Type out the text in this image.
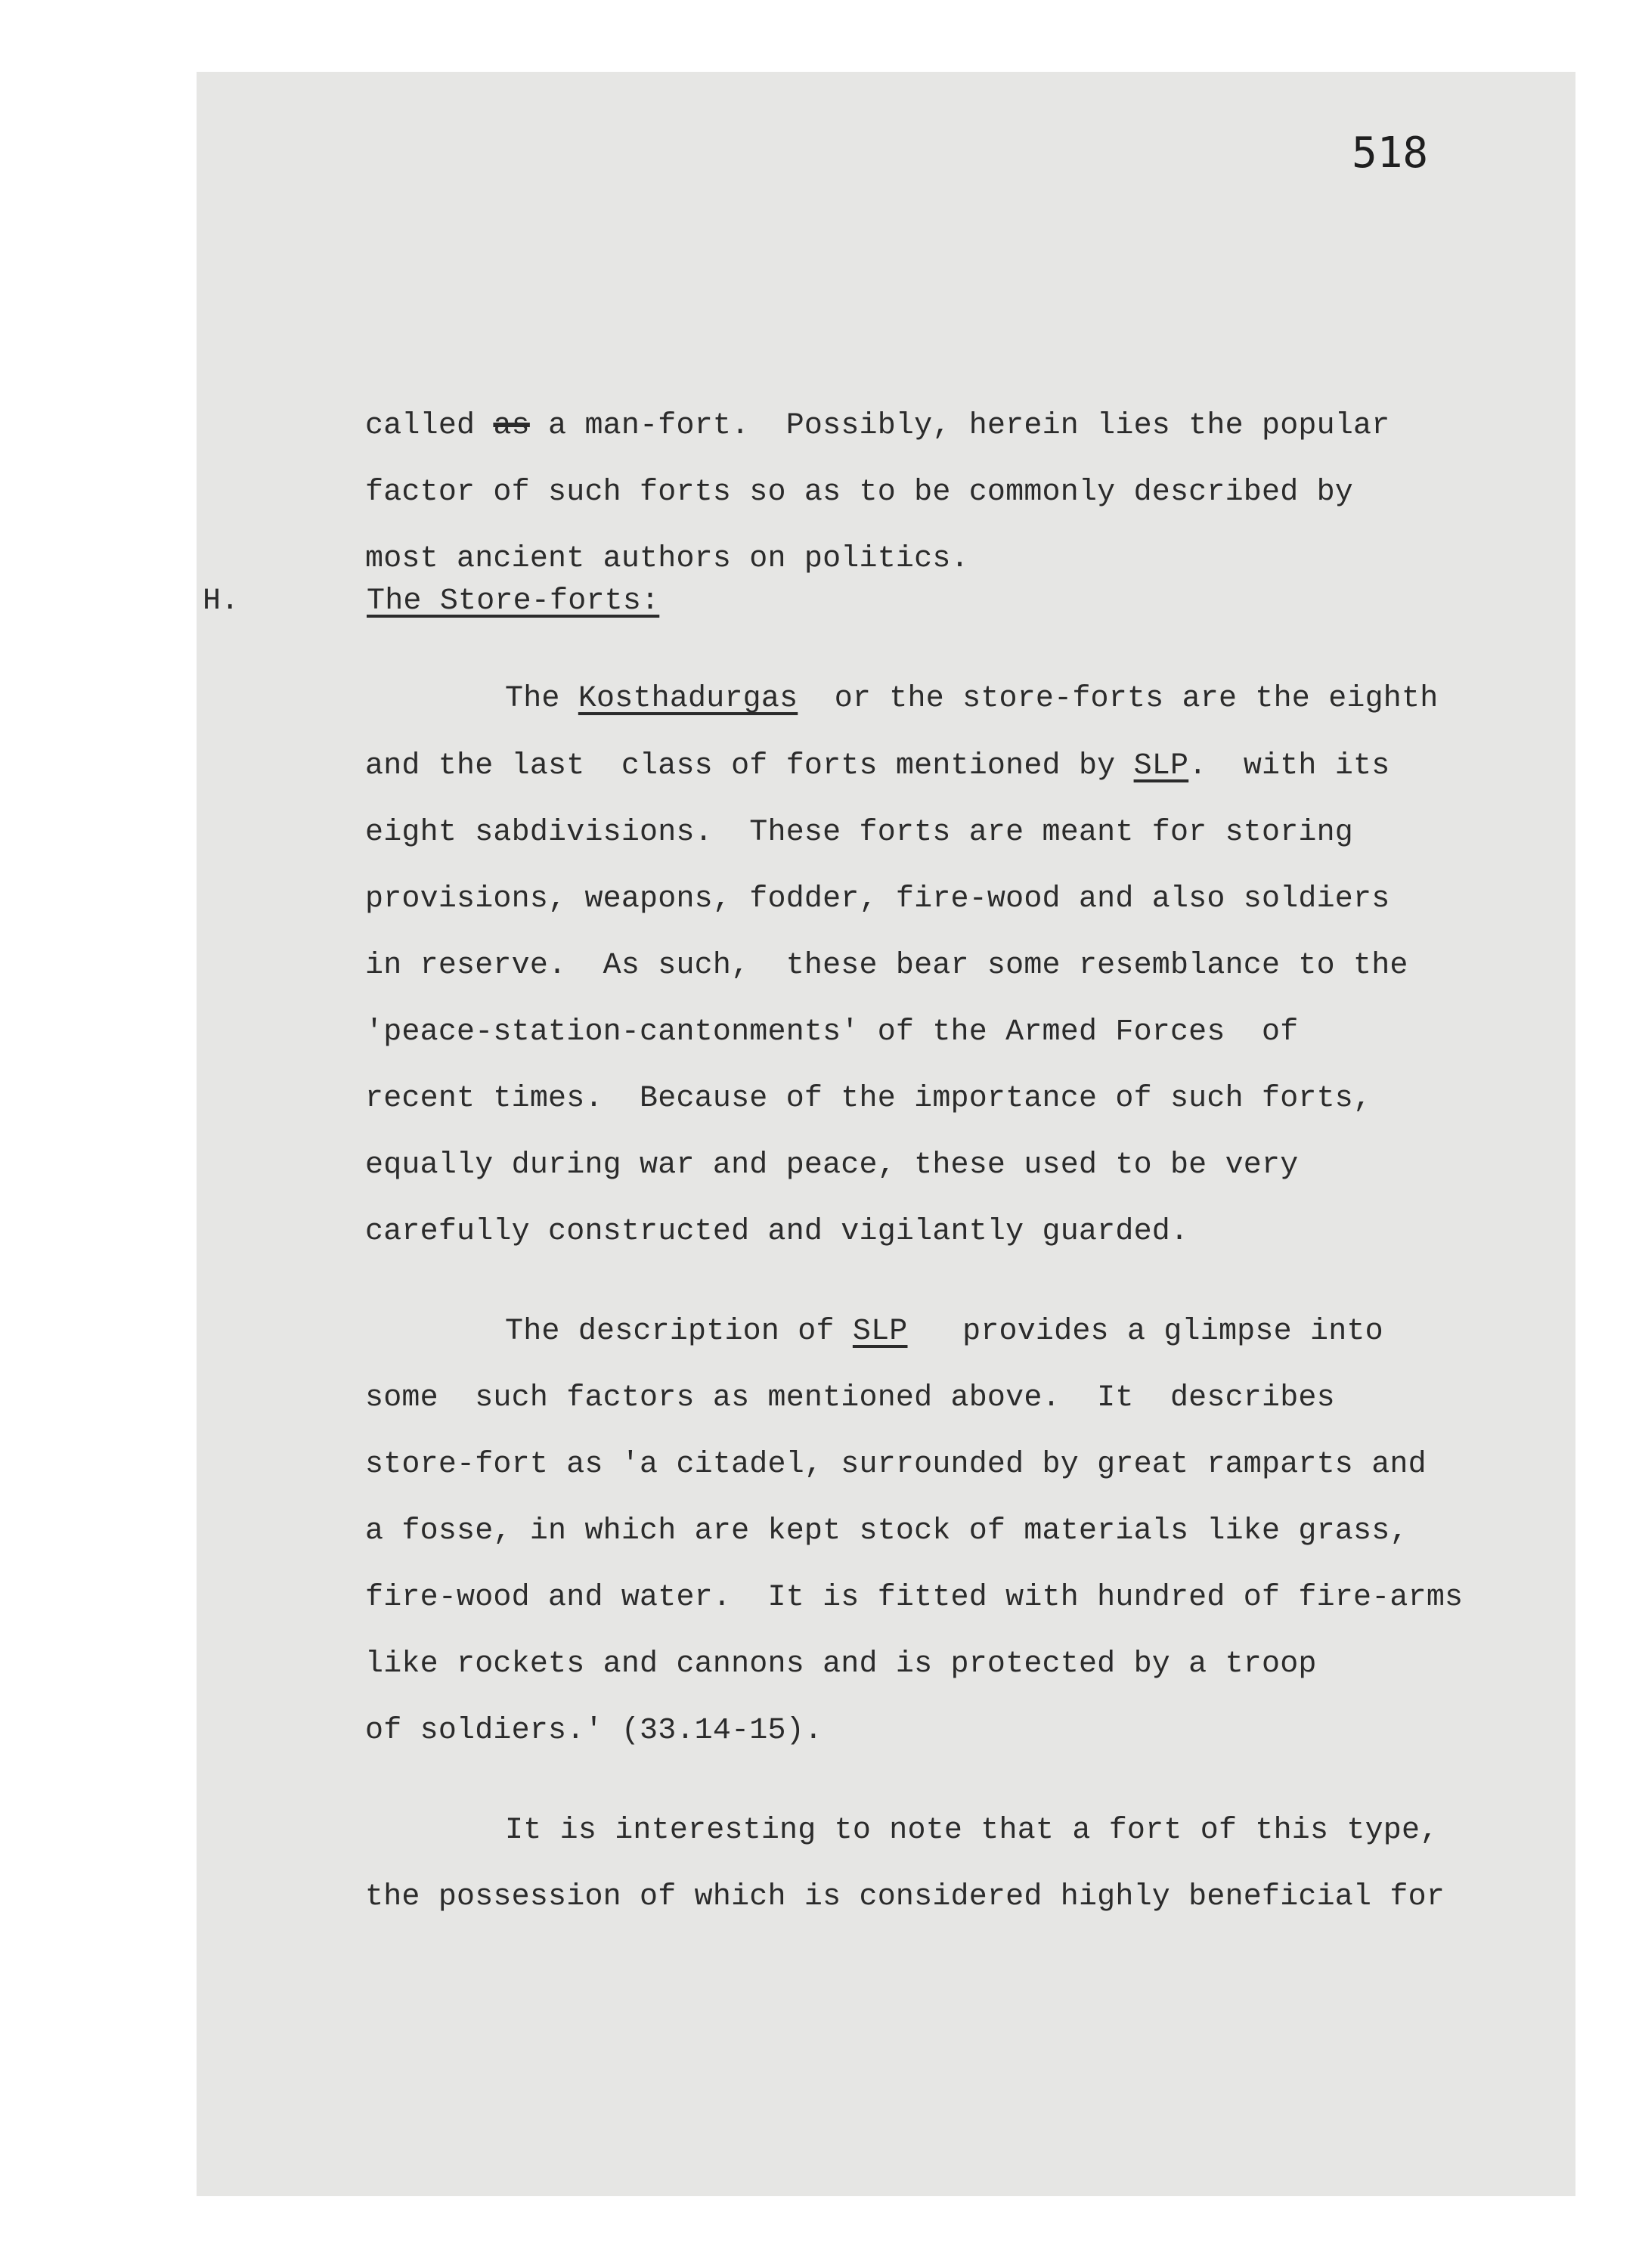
518
called as a man-fort.  Possibly, herein lies the popular
factor of such forts so as to be commonly described by
most ancient authors on politics.
H.	The Store-forts:
The Kosthadurgas  or the store-forts are the eighth
and the last  class of forts mentioned by SLP.  with its
eight sabdivisions.  These forts are meant for storing
provisions, weapons, fodder, fire-wood and also soldiers
in reserve.  As such,  these bear some resemblance to the
'peace-station-cantonments' of the Armed Forces  of
recent times.  Because of the importance of such forts,
equally during war and peace, these used to be very
carefully constructed and vigilantly guarded.
The description of SLP   provides a glimpse into
some  such factors as mentioned above.  It  describes
store-fort as 'a citadel, surrounded by great ramparts and
a fosse, in which are kept stock of materials like grass,
fire-wood and water.  It is fitted with hundred of fire-arms
like rockets and cannons and is protected by a troop
of soldiers.' (33.14-15).
It is interesting to note that a fort of this type,
the possession of which is considered highly beneficial for
